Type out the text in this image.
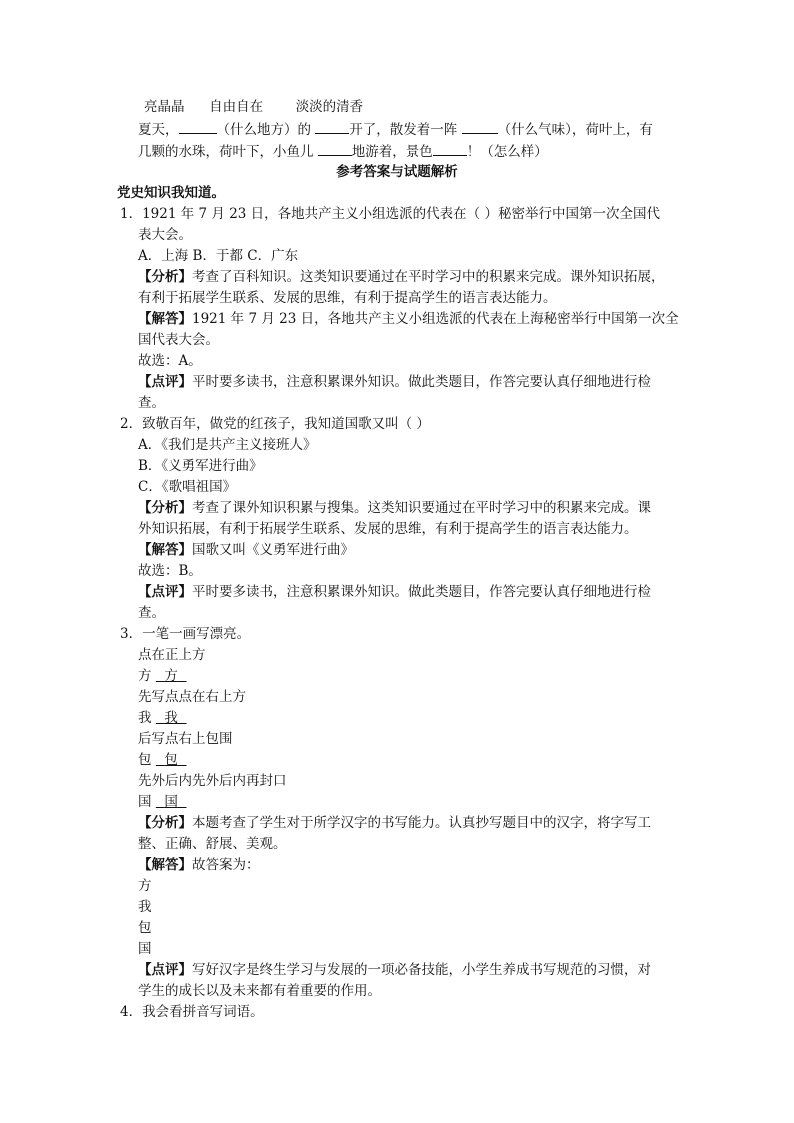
亮晶晶 自由自在 淡淡的清香
夏天，	（什么地方）的	开了，散发着一阵	（什么气味），荷叶上，有
几颗的水珠，荷叶下，小鱼儿	地游着，景色	！（怎么样）
参考答案与试题解析
党史知识我知道。
1．1921 年 7 月 23 日，各地共产主义小组选派的代表在（ ）秘密举行中国第一次全国代
表大会。
A．上海 B．于都 C．广东
【分析】考查了百科知识。这类知识要通过在平时学习中的积累来完成。课外知识拓展，
有利于拓展学生联系、发展的思维，有利于提高学生的语言表达能力。
【解答】1921 年 7 月 23 日，各地共产主义小组选派的代表在上海秘密举行中国第一次全
国代表大会。
故选：A。
【点评】平时要多读书，注意积累课外知识。做此类题目，作答完要认真仔细地进行检
查。
2．致敬百年，做党的红孩子，我知道国歌又叫（ ）
A．《我们是共产主义接班人》
B．《义勇军进行曲》
C．《歌唱祖国》
【分析】考查了课外知识积累与搜集。这类知识要通过在平时学习中的积累来完成。课
外知识拓展，有利于拓展学生联系、发展的思维，有利于提高学生的语言表达能力。
【解答】国歌又叫《义勇军进行曲》
故选：B。
【点评】平时要多读书，注意积累课外知识。做此类题目，作答完要认真仔细地进行检
查。
3．一笔一画写漂亮。
点在正上方
方 方
先写点点在右上方
我 我
后写点右上包围
包 包
先外后内先外后内再封口
国 国
【分析】本题考查了学生对于所学汉字的书写能力。认真抄写题目中的汉字，将字写工
整、正确、舒展、美观。
【解答】故答案为：
方
我
包
国
【点评】写好汉字是终生学习与发展的一项必备技能，小学生养成书写规范的习惯，对
学生的成长以及未来都有着重要的作用。
4．我会看拼音写词语。
